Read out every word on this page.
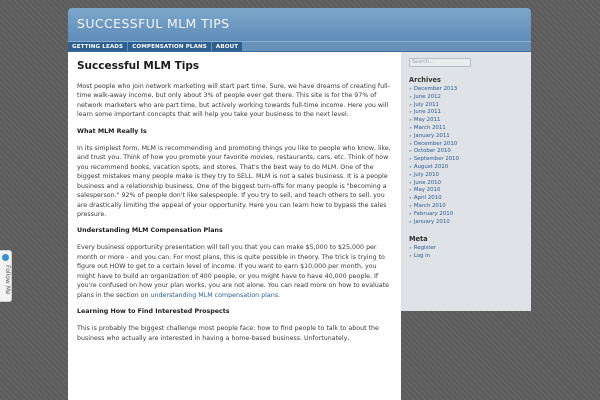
SUCCESSFUL MLM TIPS
GETTING LEADS	COMPENSATION PLANS	ABOUT
Successful MLM Tips

Most people who join network marketing will start part time. Sure, we have dreams of creating full-time walk-away income, but only about 3% of people ever get there. This site is for the 97% of network marketers who are part time, but actively working towards full-time income. Here you will learn some important concepts that will help you take your business to the next level.

What MLM Really Is

In its simplest form, MLM is recommending and promoting things you like to people who know, like, and trust you. Think of how you promote your favorite movies, restaurants, cars, etc. Think of how you recommend books, vacation spots, and stores. That's the best way to do MLM. One of the biggest mistakes many people make is they try to SELL. MLM is not a sales business. It is a people business and a relationship business. One of the biggest turn-offs for many people is "becoming a salesperson." 92% of people don't like salespeople. If you try to sell, and teach others to sell, you are drastically limiting the appeal of your opportunity. Here you can learn how to bypass the sales pressure.

Understanding MLM Compensation Plans

Every business opportunity presentation will tell you that you can make $5,000 to $25,000 per month or more - and you can. For most plans, this is quite possible in theory. The trick is trying to figure out HOW to get to a certain level of income. If you want to earn $10,000 per month, you might have to build an organization of 400 people, or you might have to have 40,000 people. If you're confused on how your plan works, you are not alone. You can read more on how to evaluate plans in the section on understanding MLM compensation plans.

Learning How to Find Interested Prospects

This is probably the biggest challenge most people face: how to find people to talk to about the business who actually are interested in having a home-based business. Unfortunately,

Search...
Archives
» December 2013
» June 2012
» July 2011
» June 2011
» May 2011
» March 2011
» January 2011
» December 2010
» October 2010
» September 2010
» August 2010
» July 2010
» June 2010
» May 2010
» April 2010
» March 2010
» February 2010
» January 2010
Meta
» Register
» Log in
Follow Me
